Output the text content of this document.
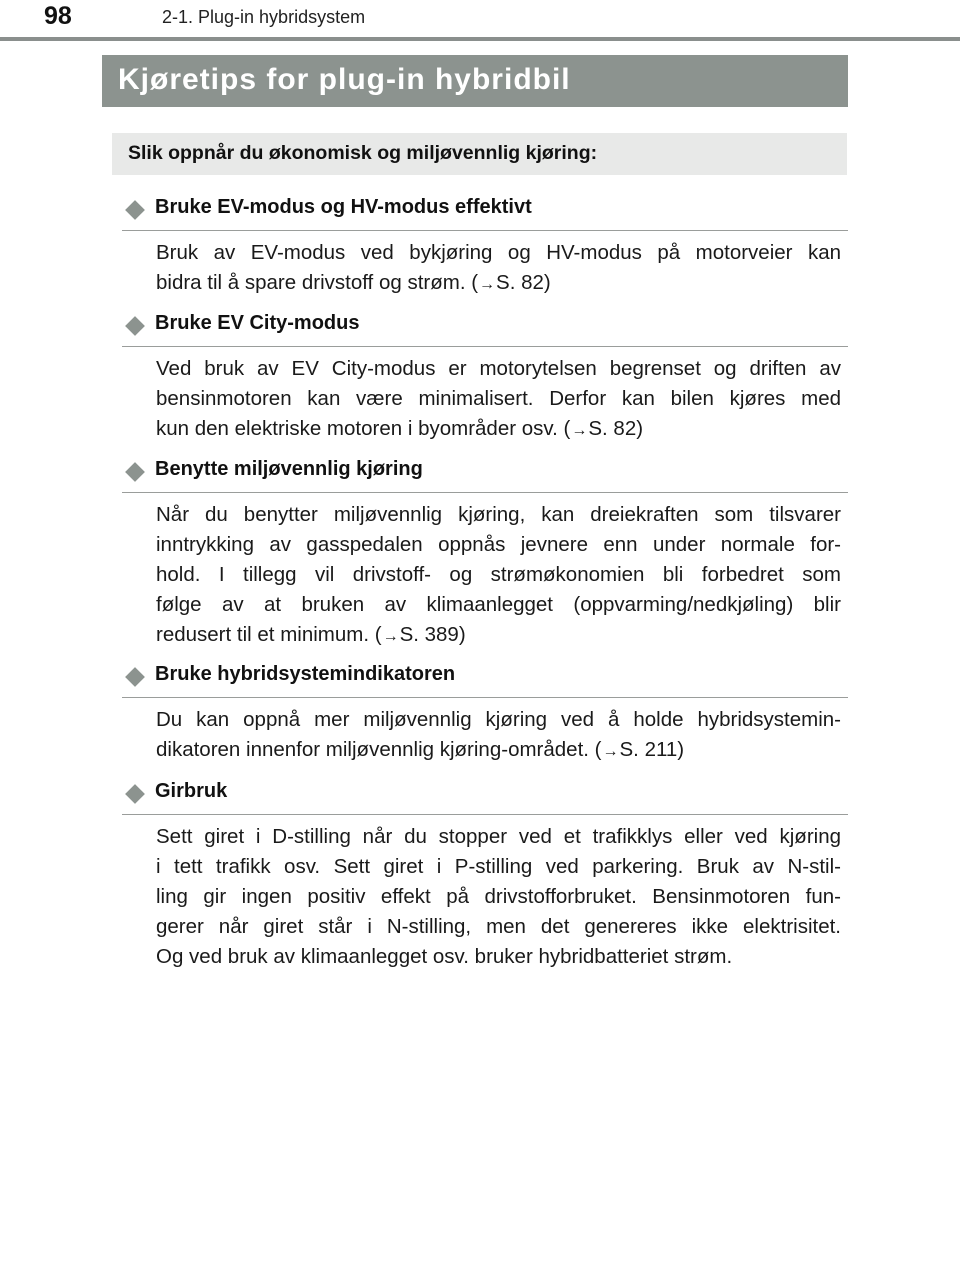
98	2-1. Plug-in hybridsystem
Kjøretips for plug-in hybridbil
Slik oppnår du økonomisk og miljøvennlig kjøring:
Bruke EV-modus og HV-modus effektivt
Bruk av EV-modus ved bykjøring og HV-modus på motorveier kan
bidra til å spare drivstoff og strøm. (→S. 82)
Bruke EV City-modus
Ved bruk av EV City-modus er motorytelsen begrenset og driften av
bensinmotoren kan være minimalisert. Derfor kan bilen kjøres med
kun den elektriske motoren i byområder osv. (→S. 82)
Benytte miljøvennlig kjøring
Når du benytter miljøvennlig kjøring, kan dreiekraften som tilsvarer
inntrykking av gasspedalen oppnås jevnere enn under normale for-
hold. I tillegg vil drivstoff- og strømøkonomien bli forbedret som
følge av at bruken av klimaanlegget (oppvarming/nedkjøling) blir
redusert til et minimum. (→S. 389)
Bruke hybridsystemindikatoren
Du kan oppnå mer miljøvennlig kjøring ved å holde hybridsystemin-
dikatoren innenfor miljøvennlig kjøring-området. (→S. 211)
Girbruk
Sett giret i D-stilling når du stopper ved et trafikklys eller ved kjøring
i tett trafikk osv. Sett giret i P-stilling ved parkering. Bruk av N-stil-
ling gir ingen positiv effekt på drivstofforbruket. Bensinmotoren fun-
gerer når giret står i N-stilling, men det genereres ikke elektrisitet.
Og ved bruk av klimaanlegget osv. bruker hybridbatteriet strøm.
